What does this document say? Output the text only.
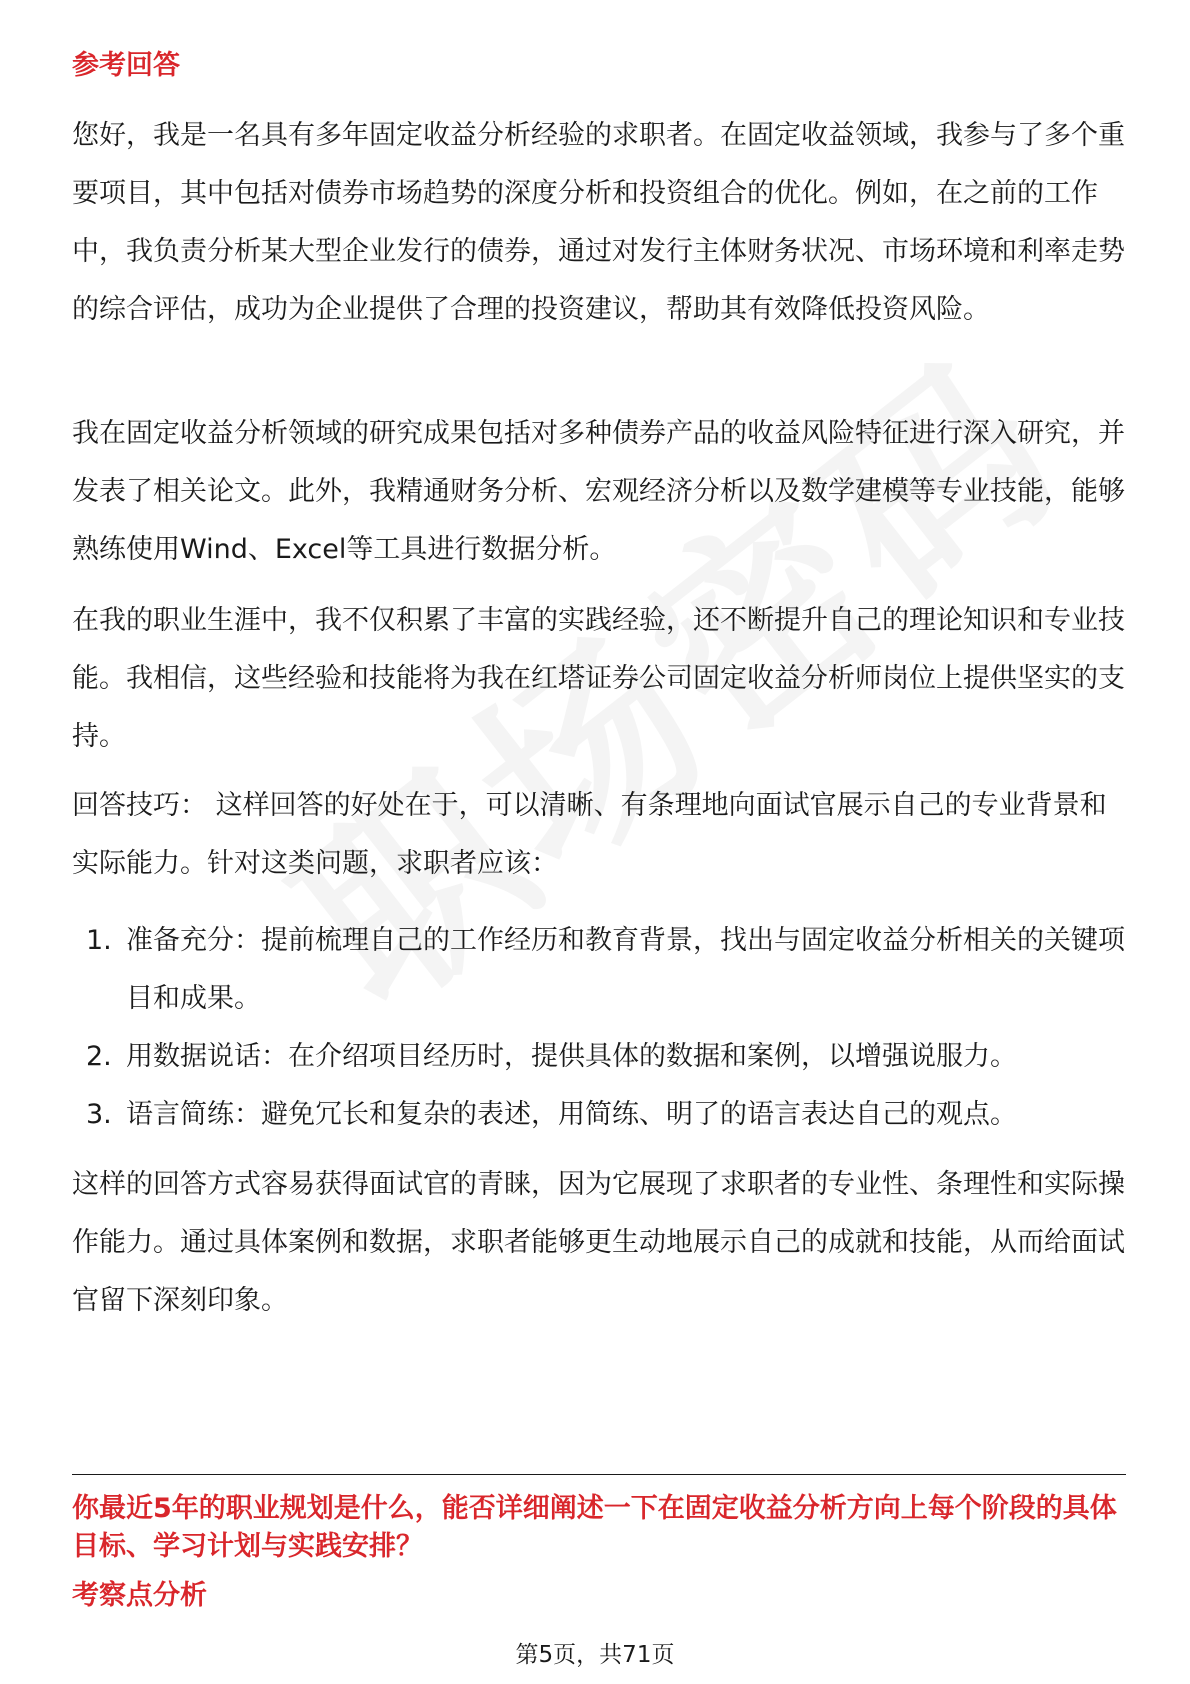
参考回答

您好，我是一名具有多年固定收益分析经验的求职者。在固定收益领域，我参与了多个重要项目，其中包括对债券市场趋势的深度分析和投资组合的优化。例如，在之前的工作中，我负责分析某大型企业发行的债券，通过对发行主体财务状况、市场环境和利率走势的综合评估，成功为企业提供了合理的投资建议，帮助其有效降低投资风险。

我在固定收益分析领域的研究成果包括对多种债券产品的收益风险特征进行深入研究，并发表了相关论文。此外，我精通财务分析、宏观经济分析以及数学建模等专业技能，能够熟练使用Wind、Excel等工具进行数据分析。

在我的职业生涯中，我不仅积累了丰富的实践经验，还不断提升自己的理论知识和专业技能。我相信，这些经验和技能将为我在红塔证券公司固定收益分析师岗位上提供坚实的支持。

回答技巧： 这样回答的好处在于，可以清晰、有条理地向面试官展示自己的专业背景和实际能力。针对这类问题，求职者应该：

1. 准备充分：提前梳理自己的工作经历和教育背景，找出与固定收益分析相关的关键项目和成果。
2. 用数据说话：在介绍项目经历时，提供具体的数据和案例，以增强说服力。
3. 语言简练：避免冗长和复杂的表述，用简练、明了的语言表达自己的观点。

这样的回答方式容易获得面试官的青睐，因为它展现了求职者的专业性、条理性和实际操作能力。通过具体案例和数据，求职者能够更生动地展示自己的成就和技能，从而给面试官留下深刻印象。

你最近5年的职业规划是什么，能否详细阐述一下在固定收益分析方向上每个阶段的具体目标、学习计划与实践安排？
考察点分析
第5页，共71页
